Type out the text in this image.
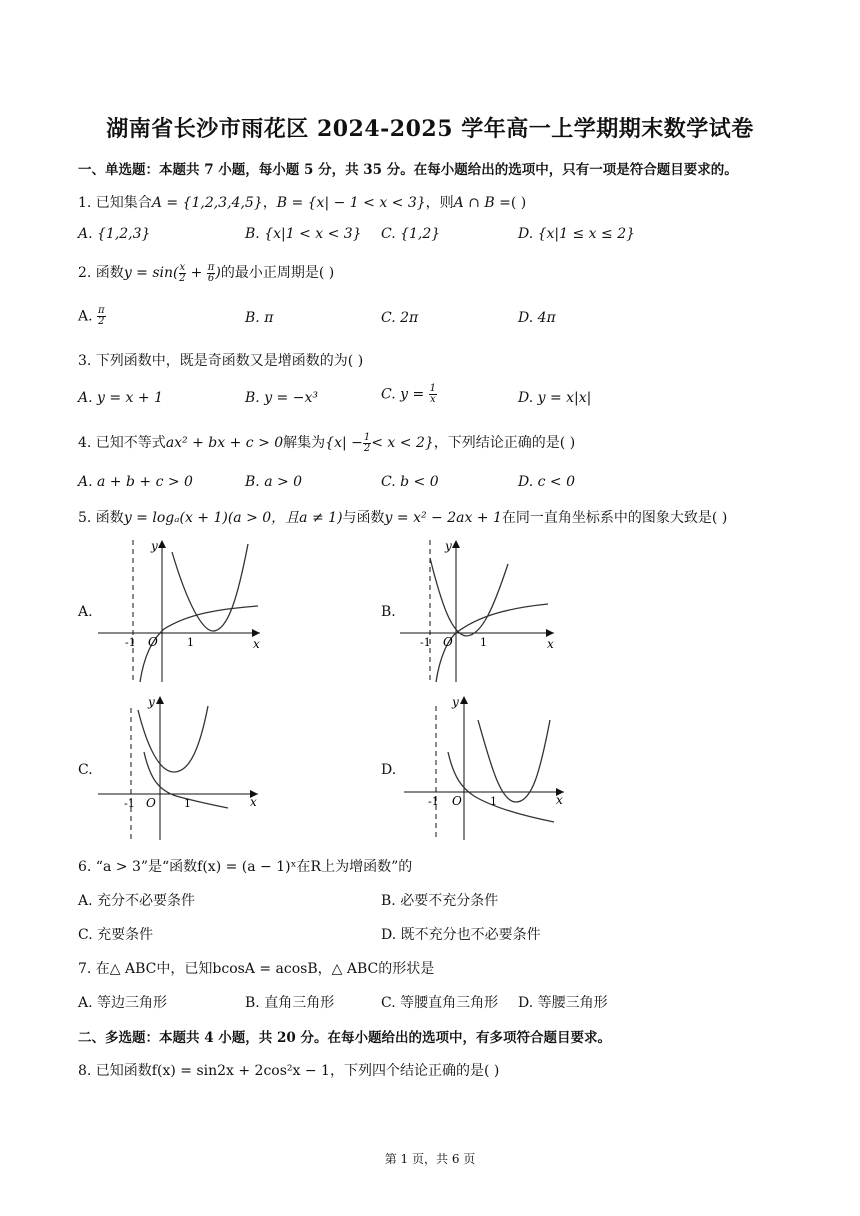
湖南省长沙市雨花区 2024-2025 学年高一上学期期末数学试卷
一、单选题：本题共 7 小题，每小题 5 分，共 35 分。在每小题给出的选项中，只有一项是符合题目要求的。
1. 已知集合A = {1,2,3,4,5}，B = {x| − 1 < x < 3}，则A ∩ B =( )
A. {1,2,3}	B. {x|1 < x < 3} C. {1,2}	D. {x|1 ≤ x ≤ 2}
2. 函数$y = \sin( \frac{x}{2} + \frac{\pi}{6}$ )的最小正周期是( )
A. $\frac{\pi}{2}$	B. π	C. 2π	D. 4π
3. 下列函数中，既是奇函数又是增函数的为( )
A. y = x + 1	B. y = −x³	C. $y = \frac{1}{x}$	D. y = x|x|
4. 已知不等式ax² + bx + c > 0解集为$\{x| - \frac{1}{2} < x < 2\}$，下列结论正确的是( )
A. a + b + c > 0	B. a > 0	C. b < 0	D. c < 0
5. 函数y = logₐ(x + 1)(a > 0，且a ≠ 1)与函数y = x² − 2ax + 1在同一直角坐标系中的图象大致是( )
A.	B.
C.	D.
y
x
O
-1	1
y
x
O
-1	1
y
x
O
-1	1
y
x
O
-1	1
6. “a > 3”是“函数f(x) = (a − 1)ˣ在R上为增函数”的
A. 充分不必要条件	B. 必要不充分条件
C. 充要条件	D. 既不充分也不必要条件
7. 在△ ABC中，已知bcosA = acosB，△ ABC的形状是
A. 等边三角形	B. 直角三角形	C. 等腰直角三角形 D. 等腰三角形
二、多选题：本题共 4 小题，共 20 分。在每小题给出的选项中，有多项符合题目要求。
8. 已知函数f(x) = sin2x + 2cos²x − 1，下列四个结论正确的是( )
第 1 页，共 6 页
